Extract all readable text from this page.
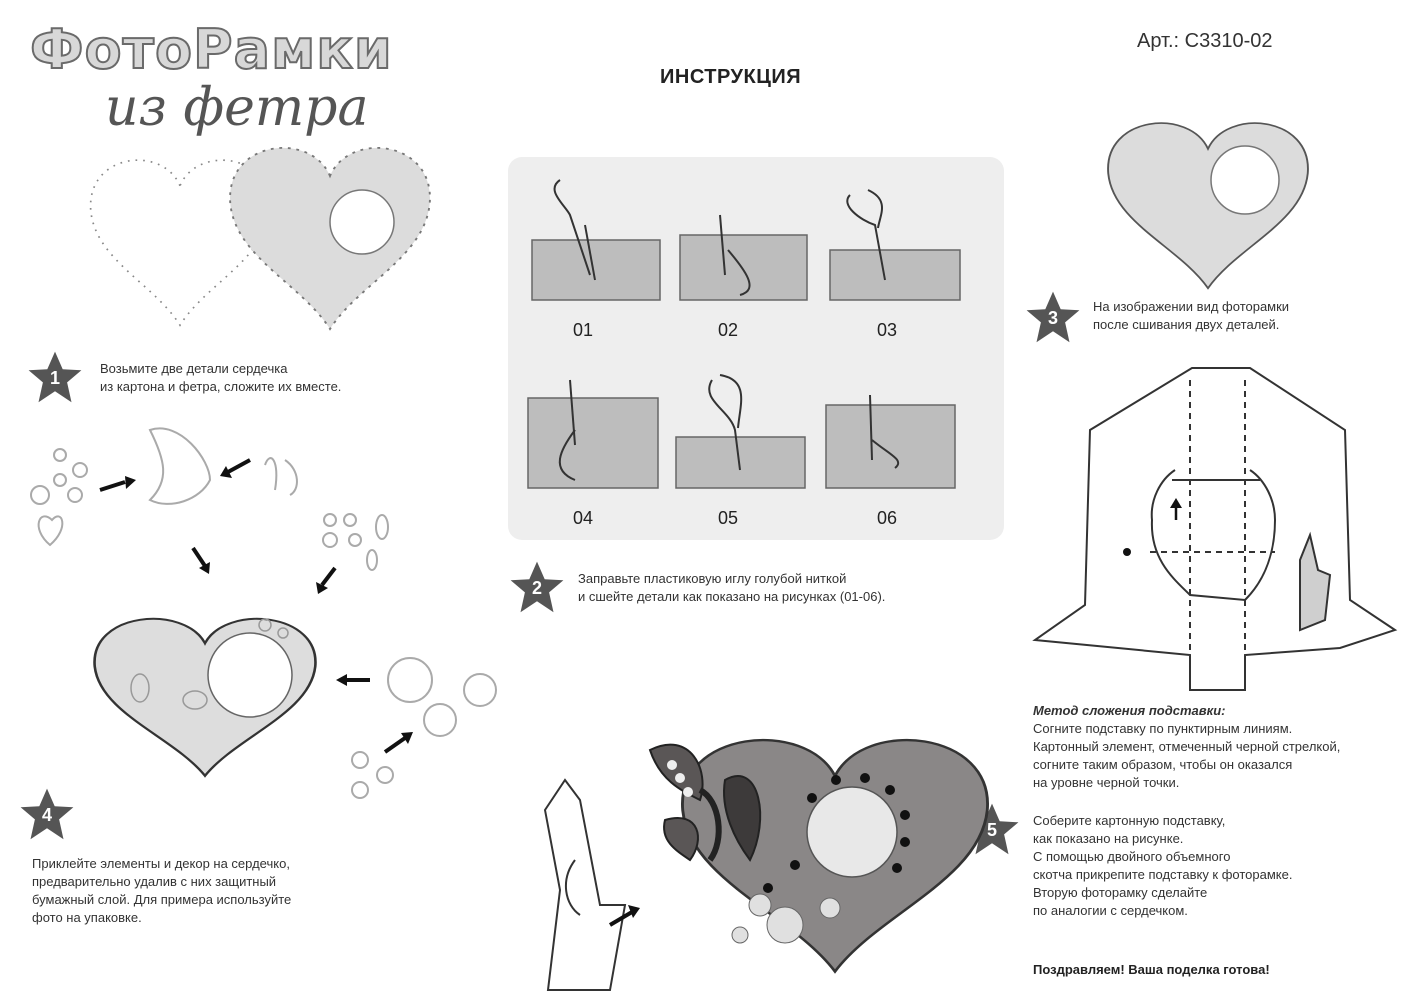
ФотоРамки
из фетра
Арт.: С3310-02
ИНСТРУКЦИЯ
Возьмите две детали сердечка
из картона и фетра, сложите их вместе.
1
01	02	03
04	05	06
2	Заправьте пластиковую иглу голубой ниткой
и сшейте детали как показано на рисунках (01-06).
3
На изображении вид фоторамки
после сшивания двух деталей.
Метод сложения подставки:
Согните подставку по пунктирным линиям.
Картонный элемент, отмеченный черной стрелкой,
согните таким образом, чтобы он оказался
на уровне черной точки.
4
Приклейте элементы и декор на сердечко,
предварительно удалив с них защитный
бумажный слой. Для примера используйте
фото на упаковке.
5	Соберите картонную подставку,
как показано на рисунке.
С помощью двойного объемного
скотча прикрепите подставку к фоторамке.
Вторую фоторамку сделайте
по аналогии с сердечком.
Поздравляем! Ваша поделка готова!
